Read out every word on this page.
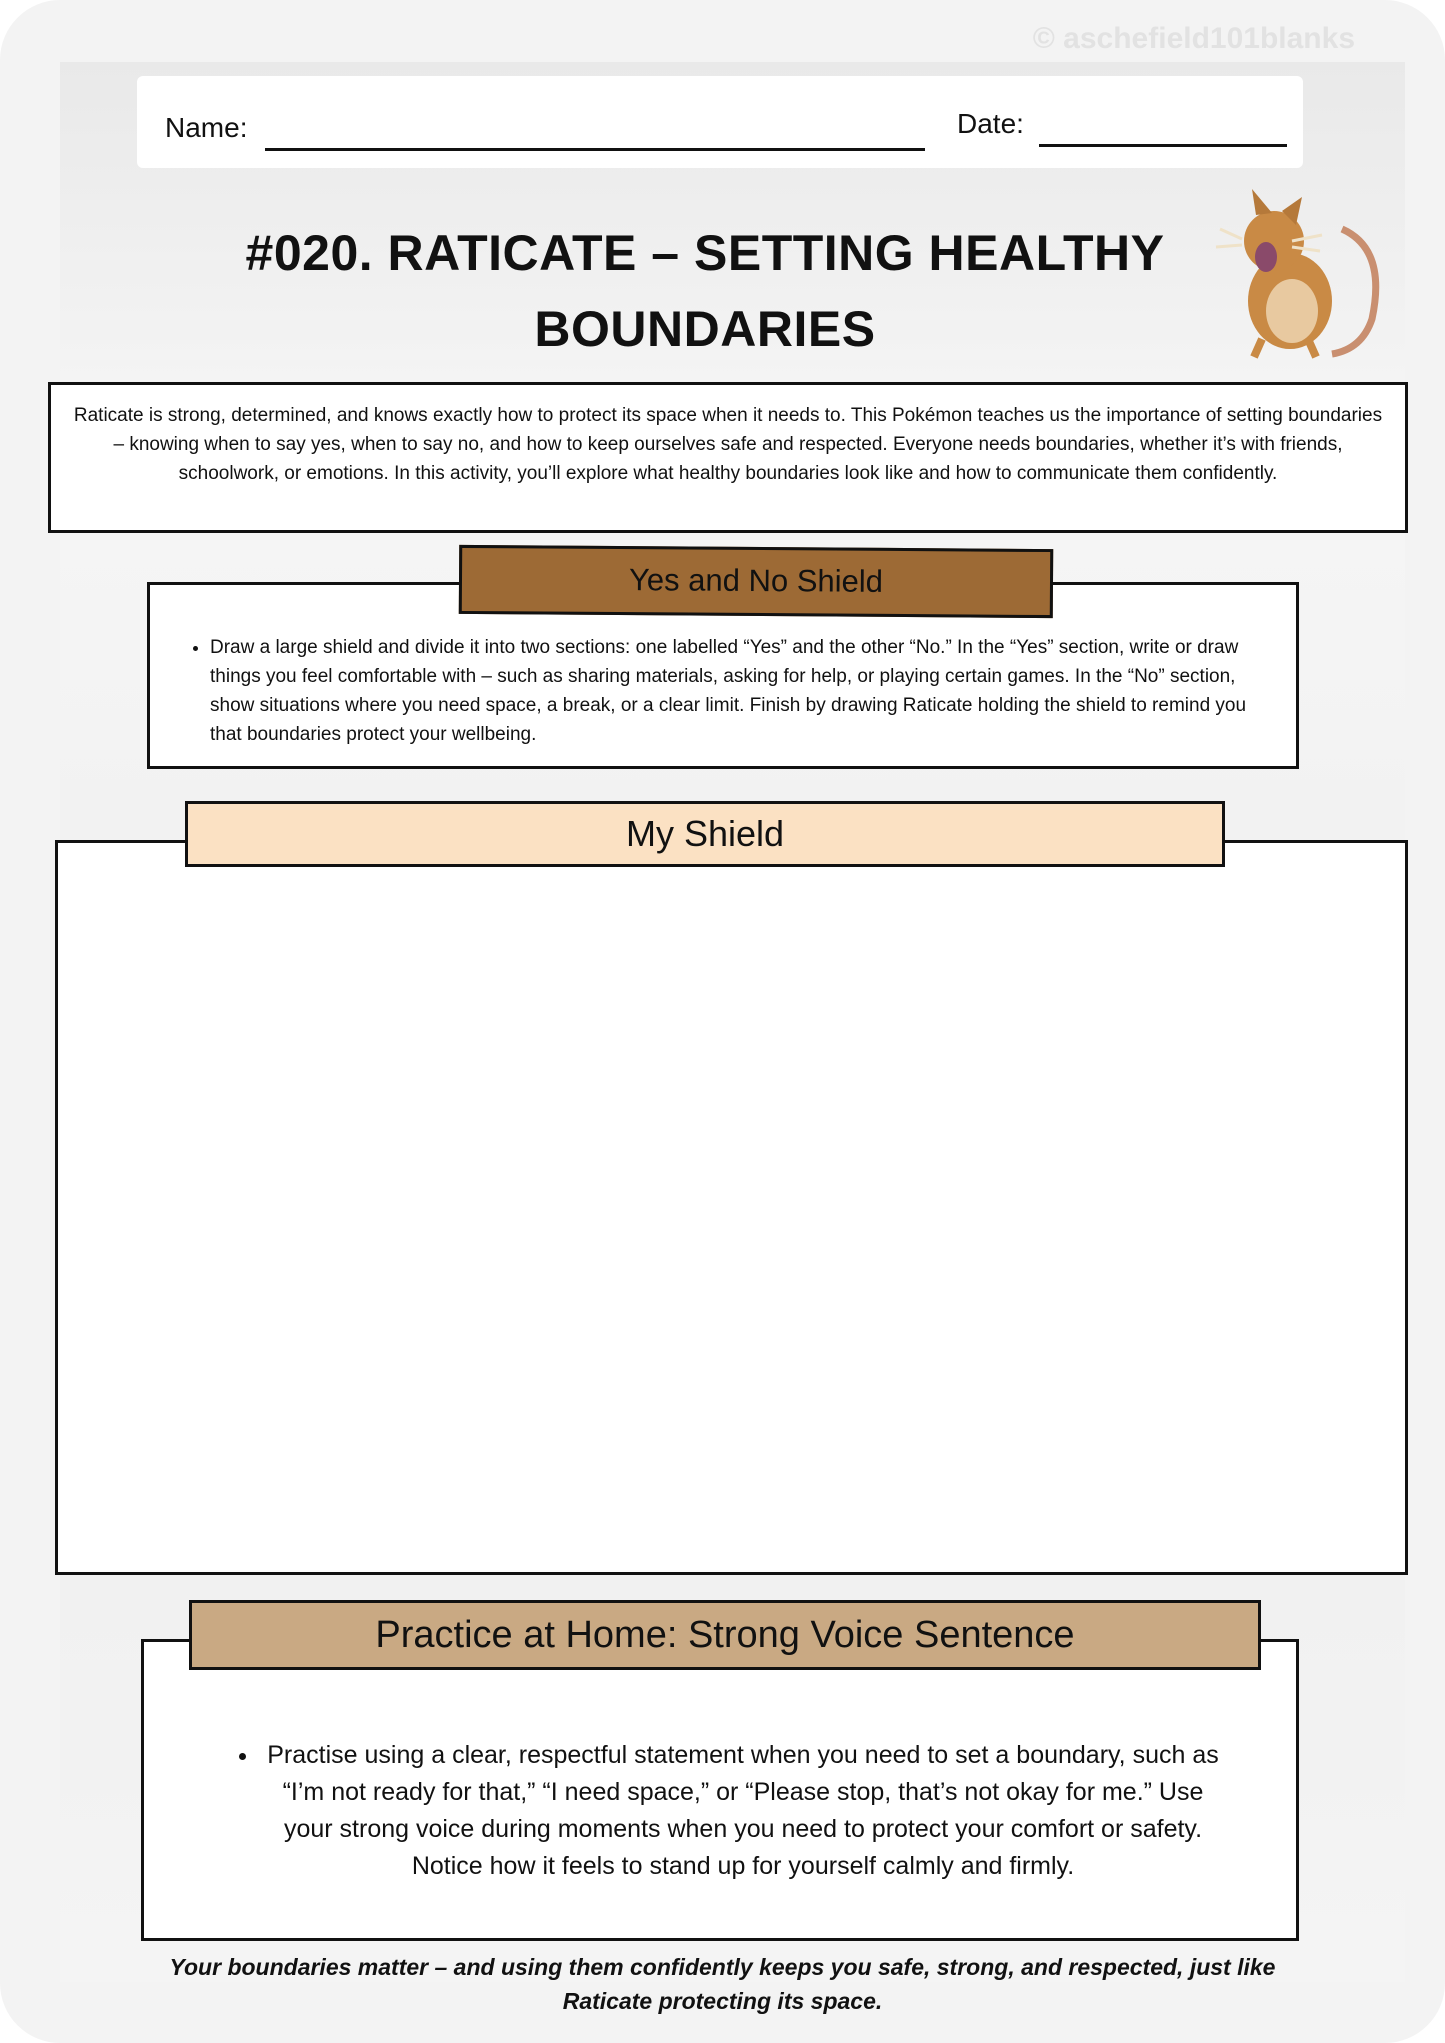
© aschefield101blanks
Name:	Date:
#020. RATICATE – SETTING HEALTHY
BOUNDARIES
Raticate is strong, determined, and knows exactly how to protect its space when it needs to. This Pokémon teaches us the importance of setting boundaries – knowing when to say yes, when to say no, and how to keep ourselves safe and respected. Everyone needs boundaries, whether it’s with friends, schoolwork, or emotions. In this activity, you’ll explore what healthy boundaries look like and how to communicate them confidently.
• Draw a large shield and divide it into two sections: one labelled “Yes” and the other “No.” In the “Yes” section, write or draw things you feel comfortable with – such as sharing materials, asking for help, or playing certain games. In the “No” section, show situations where you need space, a break, or a clear limit. Finish by drawing Raticate holding the shield to remind you that boundaries protect your wellbeing.
Yes and No Shield
My Shield
Practice at Home: Strong Voice Sentence
• Practise using a clear, respectful statement when you need to set a boundary, such as “I’m not ready for that,” “I need space,” or “Please stop, that’s not okay for me.” Use your strong voice during moments when you need to protect your comfort or safety. Notice how it feels to stand up for yourself calmly and firmly.
Your boundaries matter – and using them confidently keeps you safe, strong, and respected, just like Raticate protecting its space.
